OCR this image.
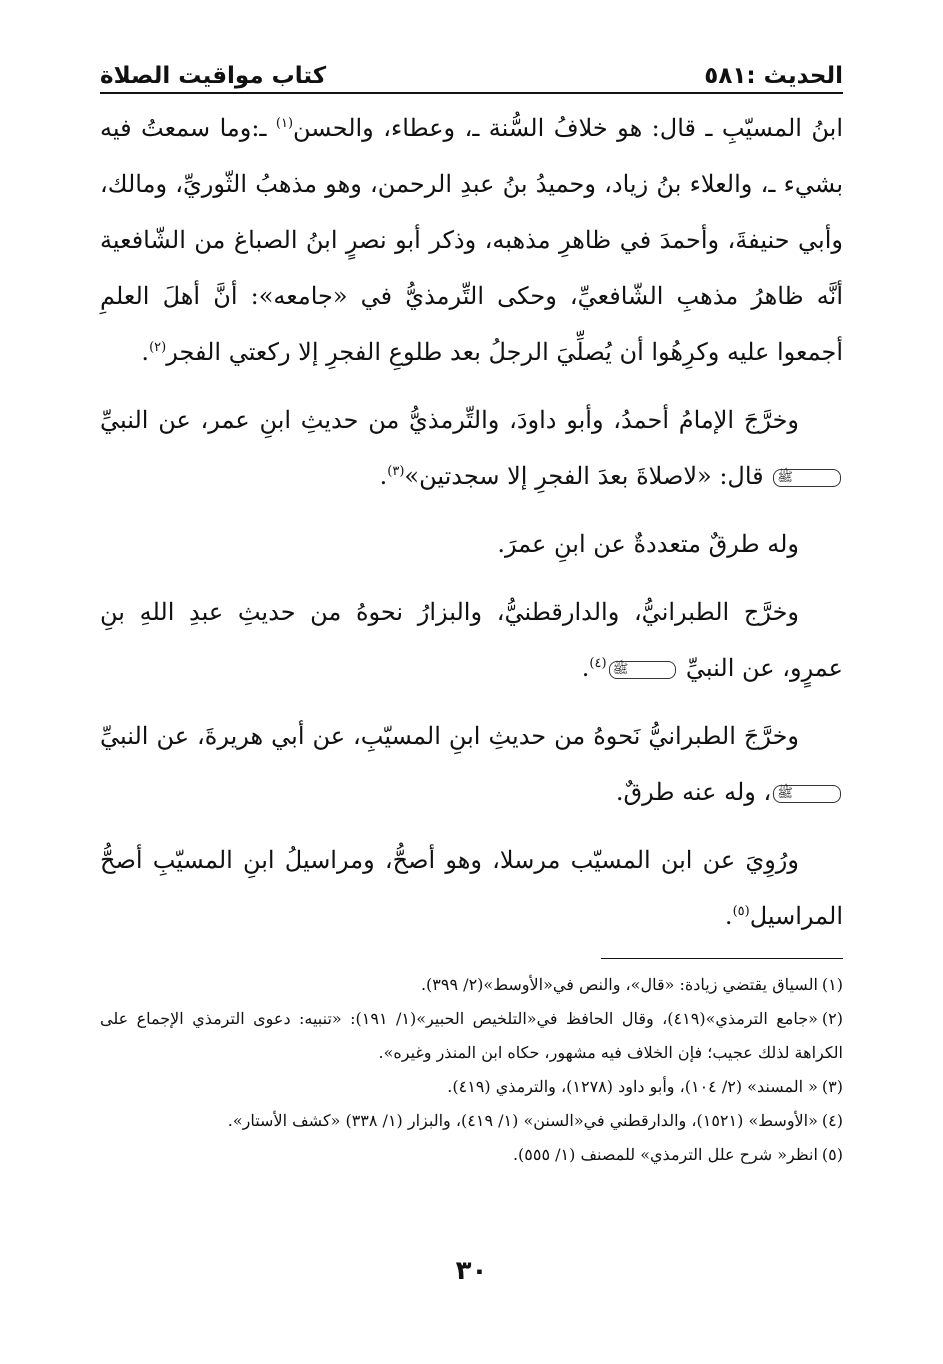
الحديث :٥٨١
كتاب مواقيت الصلاة

ابنُ المسيّبِ ـ قال: هو خلافُ السُّنة ـ، وعطاء، والحسن$^{(١)}$ ـ:وما سمعتُ فيه بشيء ـ، والعلاء بنُ زياد، وحميدُ بنُ عبدِ الرحمن، وهو مذهبُ الثّوريِّ، ومالك، وأبي حنيفةَ، وأحمدَ في ظاهرِ مذهبه، وذكر أبو نصرٍ ابنُ الصباغ من الشّافعية أنَّه ظاهرُ مذهبِ الشّافعيِّ، وحكى التِّرمذيُّ في «جامعه»: أنَّ أهلَ العلمِ أجمعوا عليه وكرِهُوا أن يُصلِّيَ الرجلُ بعد طلوعِ الفجرِ إلا ركعتي الفجر$^{(٢)}$.

وخرَّجَ الإمامُ أحمدُ، وأبو داودَ، والتِّرمذيُّ من حديثِ ابنِ عمر، عن النبيِّ ﷺ قال: «لاصلاةَ بعدَ الفجرِ إلا سجدتين»$^{(٣)}$.

وله طرقٌ متعددةٌ عن ابنِ عمرَ.

وخرَّج الطبرانيُّ، والدارقطنيُّ، والبزارُ نحوهُ من حديثِ عبدِ اللهِ بنِ عمرٍو، عن النبيِّ ﷺ$^{(٤)}$.

وخرَّجَ الطبرانيُّ نَحوهُ من حديثِ ابنِ المسيّبِ، عن أبي هريرةَ، عن النبيِّ ﷺ، وله عنه طرقٌ.

ورُوِيَ عن ابن المسيّب مرسلا، وهو أصحُّ، ومراسيلُ ابنِ المسيّبِ أصحُّ المراسيل$^{(٥)}$.

(١)السياق يقتضي زيادة: «قال»، والنص في«الأوسط»(٢/ ٣٩٩).

(٢)«جامع الترمذي»(٤١٩)، وقال الحافظ في«التلخيص الحبير»(١/ ١٩١): «تنبيه: دعوى الترمذي الإجماع على الكراهة لذلك عجيب؛ فإن الخلاف فيه مشهور، حكاه ابن المنذر وغيره».

(٣)« المسند» (٢/ ١٠٤)، وأبو داود (١٢٧٨)، والترمذي (٤١٩).

(٤)«الأوسط» (١٥٢١)، والدارقطني في«السنن» (١/ ٤١٩)، والبزار (١/ ٣٣٨) «كشف الأستار».

(٥)انظر« شرح علل الترمذي» للمصنف (١/ ٥٥٥).

٣٠
